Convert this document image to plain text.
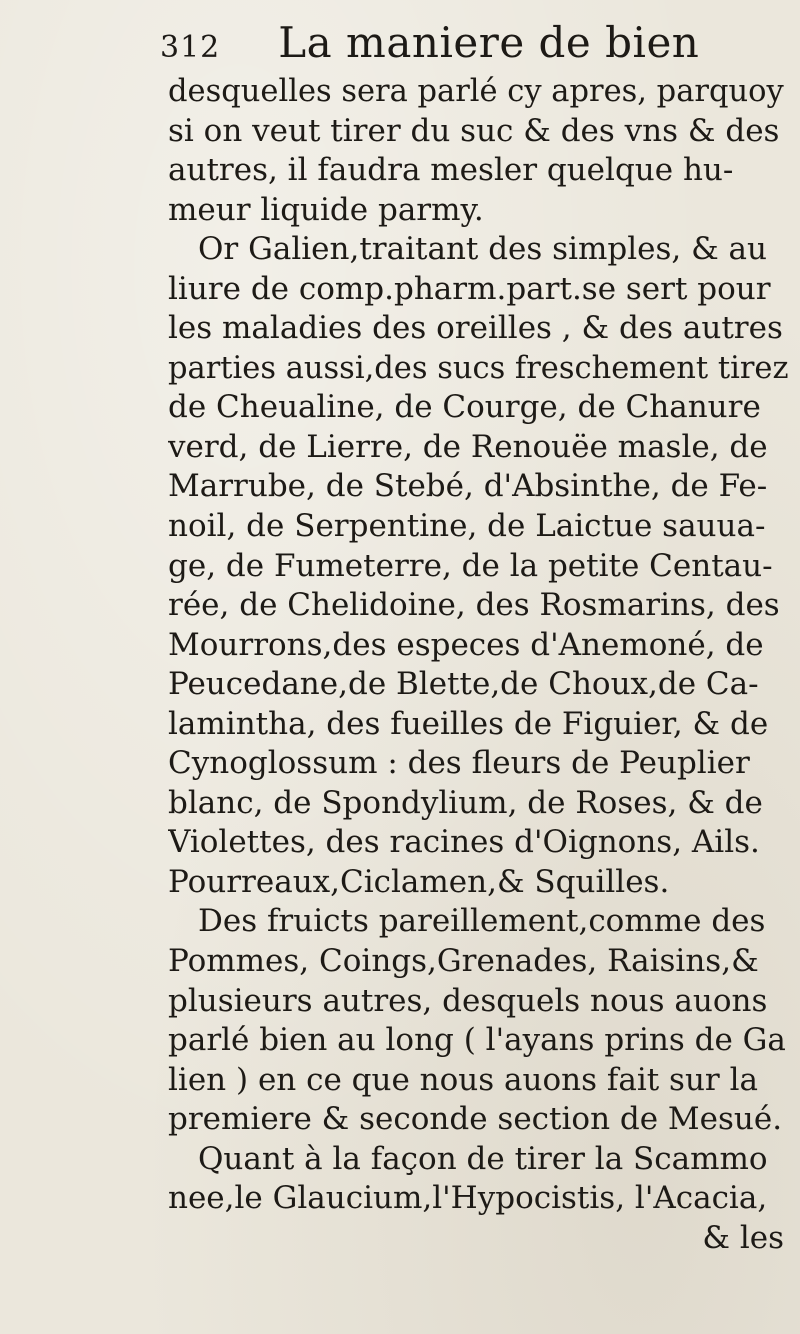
312 La maniere de bien
desquelles sera parlé cy apres, parquoy
si on veut tirer du suc & des vns & des
autres, il faudra mesler quelque hu-
meur liquide parmy.
Or Galien,traitant des simples, & au
liure de comp.pharm.part.se sert pour
les maladies des oreilles , & des autres
parties aussi,des sucs freschement tirez
de Cheualine, de Courge, de Chanure
verd, de Lierre, de Renouëe masle, de
Marrube, de Stebé, d'Absinthe, de Fe-
noil, de Serpentine, de Laictue sauua-
ge, de Fumeterre, de la petite Centau-
rée, de Chelidoine, des Rosmarins, des
Mourrons,des especes d'Anemoné, de
Peucedane,de Blette,de Choux,de Ca-
lamintha, des fueilles de Figuier, & de
Cynoglossum : des fleurs de Peuplier
blanc, de Spondylium, de Roses, & de
Violettes, des racines d'Oignons, Ails.
Pourreaux,Ciclamen,& Squilles.
Des fruicts pareillement,comme des
Pommes, Coings,Grenades, Raisins,&
plusieurs autres, desquels nous auons
parlé bien au long ( l'ayans prins de Ga
lien ) en ce que nous auons fait sur la
premiere & seconde section de Mesué.
Quant à la façon de tirer la Scammo
nee,le Glaucium,l'Hypocistis, l'Acacia,
& les
